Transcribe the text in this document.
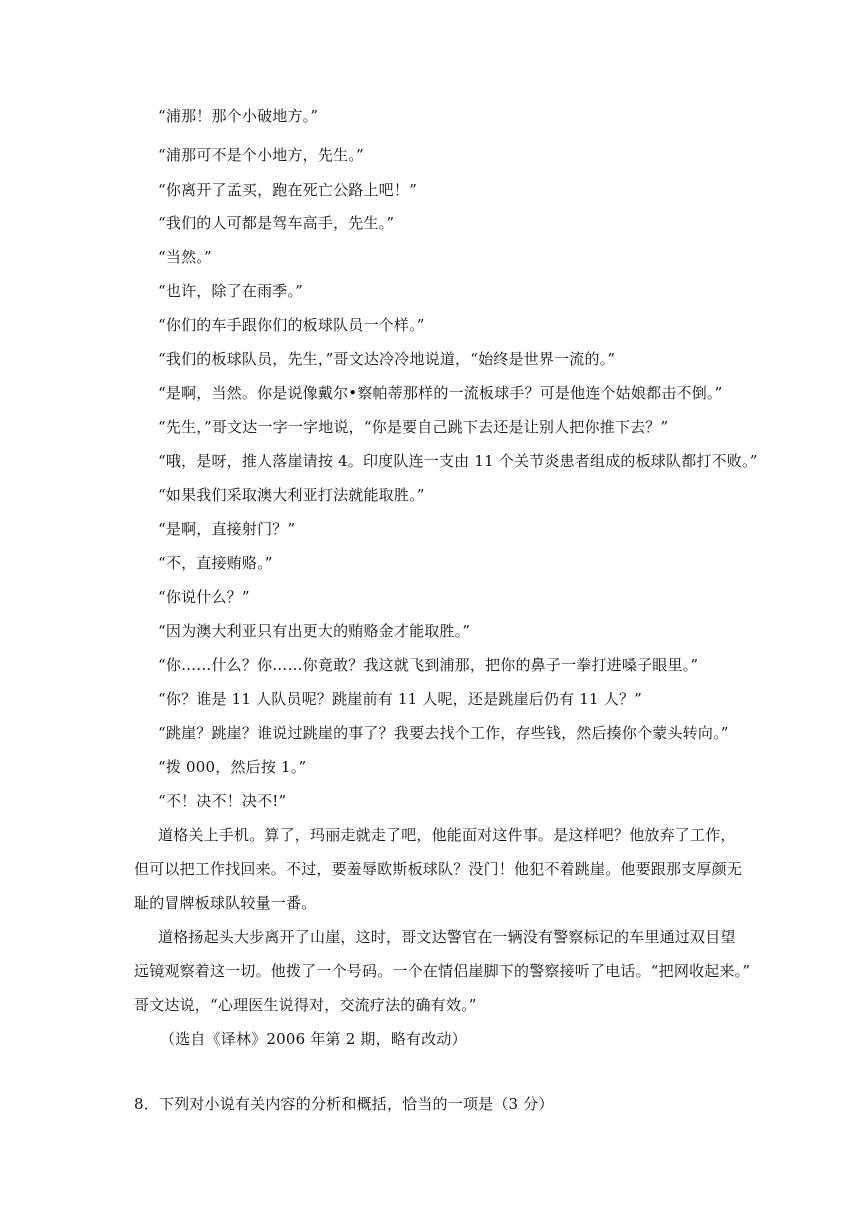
“浦那！那个小破地方。”
“浦那可不是个小地方，先生。”
“你离开了孟买，跑在死亡公路上吧！”
“我们的人可都是驾车高手，先生。”
“当然。”
“也许，除了在雨季。”
“你们的车手跟你们的板球队员一个样。”
“我们的板球队员，先生，”哥文达冷冷地说道，“始终是世界一流的。”
“是啊，当然。你是说像戴尔•察帕蒂那样的一流板球手？可是他连个姑娘都击不倒。”
“先生，”哥文达一字一字地说，“你是要自己跳下去还是让别人把你推下去？”
“哦，是呀，推人落崖请按 4。印度队连一支由 11 个关节炎患者组成的板球队都打不败。”
“如果我们采取澳大利亚打法就能取胜。”
“是啊，直接射门？”
“不，直接贿赂。”
“你说什么？”
“因为澳大利亚只有出更大的贿赂金才能取胜。”
“你……什么？你……你竟敢？我这就飞到浦那，把你的鼻子一拳打进嗓子眼里。”
“你？谁是 11 人队员呢？跳崖前有 11 人呢，还是跳崖后仍有 11 人？”
“跳崖？跳崖？谁说过跳崖的事了？我要去找个工作，存些钱，然后揍你个蒙头转向。”
“拨 000，然后按 1。”
“不！决不！决不!”
道格关上手机。算了，玛丽走就走了吧，他能面对这件事。是这样吧？他放弃了工作，
但可以把工作找回来。不过，要羞辱欧斯板球队？没门！他犯不着跳崖。他要跟那支厚颜无
耻的冒牌板球队较量一番。
道格扬起头大步离开了山崖，这时，哥文达警官在一辆没有警察标记的车里通过双目望
远镜观察着这一切。他拨了一个号码。一个在情侣崖脚下的警察接听了电话。“把网收起来。”
哥文达说，“心理医生说得对，交流疗法的确有效。”
（选自《译林》2006 年第 2 期，略有改动）
8．下列对小说有关内容的分析和概括，恰当的一项是（3 分）
